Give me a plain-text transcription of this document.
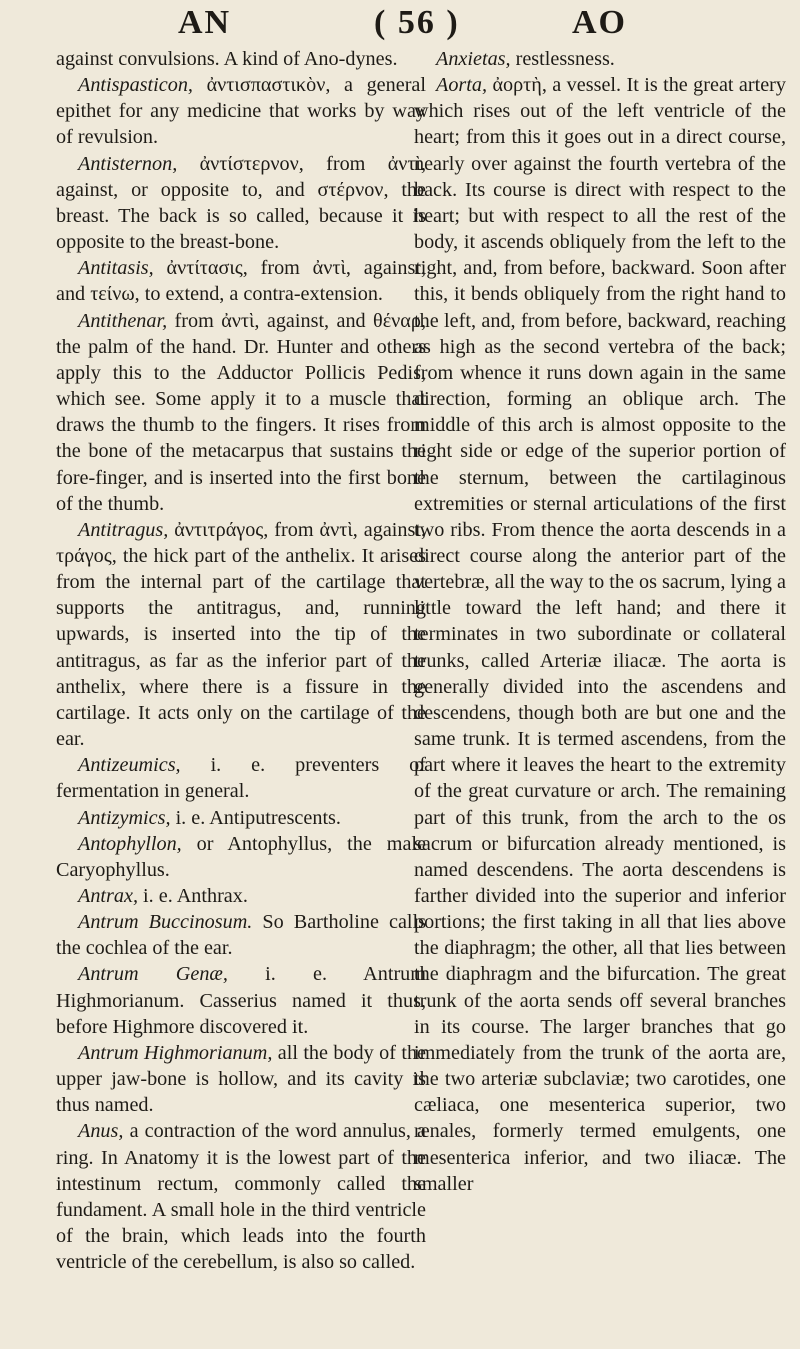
AN	( 56 )	AO

against convulsions. A kind of Ano-dynes.

Antispasticon, ἀντισπαστικὸν, a general epithet for any medicine that works by way of revulsion.

Antisternon, ἀντίστερνον, from ἀντὶ, against, or opposite to, and στέρνον, the breast. The back is so called, because it is opposite to the breast-bone.

Antitasis, ἀντίτασις, from ἀντὶ, against, and τείνω, to extend, a contra-extension.

Antithenar, from ἀντὶ, against, and θέναρ, the palm of the hand. Dr. Hunter and others apply this to the Adductor Pollicis Pedis, which see. Some apply it to a muscle that draws the thumb to the fingers. It rises from the bone of the metacarpus that sustains the fore-finger, and is inserted into the first bone of the thumb.

Antitragus, ἀντιτράγος, from ἀντὶ, against, τράγος, the hick part of the anthelix. It arises from the internal part of the cartilage that supports the antitragus, and, running upwards, is inserted into the tip of the antitragus, as far as the inferior part of the anthelix, where there is a fissure in the cartilage. It acts only on the cartilage of the ear.

Antizeumics, i. e. preventers of fermentation in general.

Antizymics, i. e. Antiputrescents.

Antophyllon, or Antophyllus, the male Caryophyllus.

Antrax, i. e. Anthrax.

Antrum Buccinosum. So Bartholine calls the cochlea of the ear.

Antrum Genæ, i. e. Antrum Highmorianum. Casserius named it thus, before Highmore discovered it.

Antrum Highmorianum, all the body of the upper jaw-bone is hollow, and its cavity is thus named.

Anus, a contraction of the word annulus, a ring. In Anatomy it is the lowest part of the intestinum rectum, commonly called the fundament. A small hole in the third ventricle of the brain, which leads into the fourth ventricle of the cerebellum, is also so called.

Anxietas, restlessness.

Aorta, ἀορτὴ, a vessel. It is the great artery which rises out of the left ventricle of the heart; from this it goes out in a direct course, nearly over against the fourth vertebra of the back. Its course is direct with respect to the heart; but with respect to all the rest of the body, it ascends obliquely from the left to the right, and, from before, backward. Soon after this, it bends obliquely from the right hand to the left, and, from before, backward, reaching as high as the second vertebra of the back; from whence it runs down again in the same direction, forming an oblique arch. The middle of this arch is almost opposite to the right side or edge of the superior portion of the sternum, between the cartilaginous extremities or sternal articulations of the first two ribs. From thence the aorta descends in a direct course along the anterior part of the vertebræ, all the way to the os sacrum, lying a little toward the left hand; and there it terminates in two subordinate or collateral trunks, called Arteriæ iliacæ. The aorta is generally divided into the ascendens and descendens, though both are but one and the same trunk. It is termed ascendens, from the part where it leaves the heart to the extremity of the great curvature or arch. The remaining part of this trunk, from the arch to the os sacrum or bifurcation already mentioned, is named descendens. The aorta descendens is farther divided into the superior and inferior portions; the first taking in all that lies above the diaphragm; the other, all that lies between the diaphragm and the bifurcation. The great trunk of the aorta sends off several branches in its course. The larger branches that go immediately from the trunk of the aorta are, the two arteriæ subclaviæ; two carotides, one cæliaca, one mesenterica superior, two renales, formerly termed emulgents, one mesenterica inferior, and two iliacæ. The smaller
